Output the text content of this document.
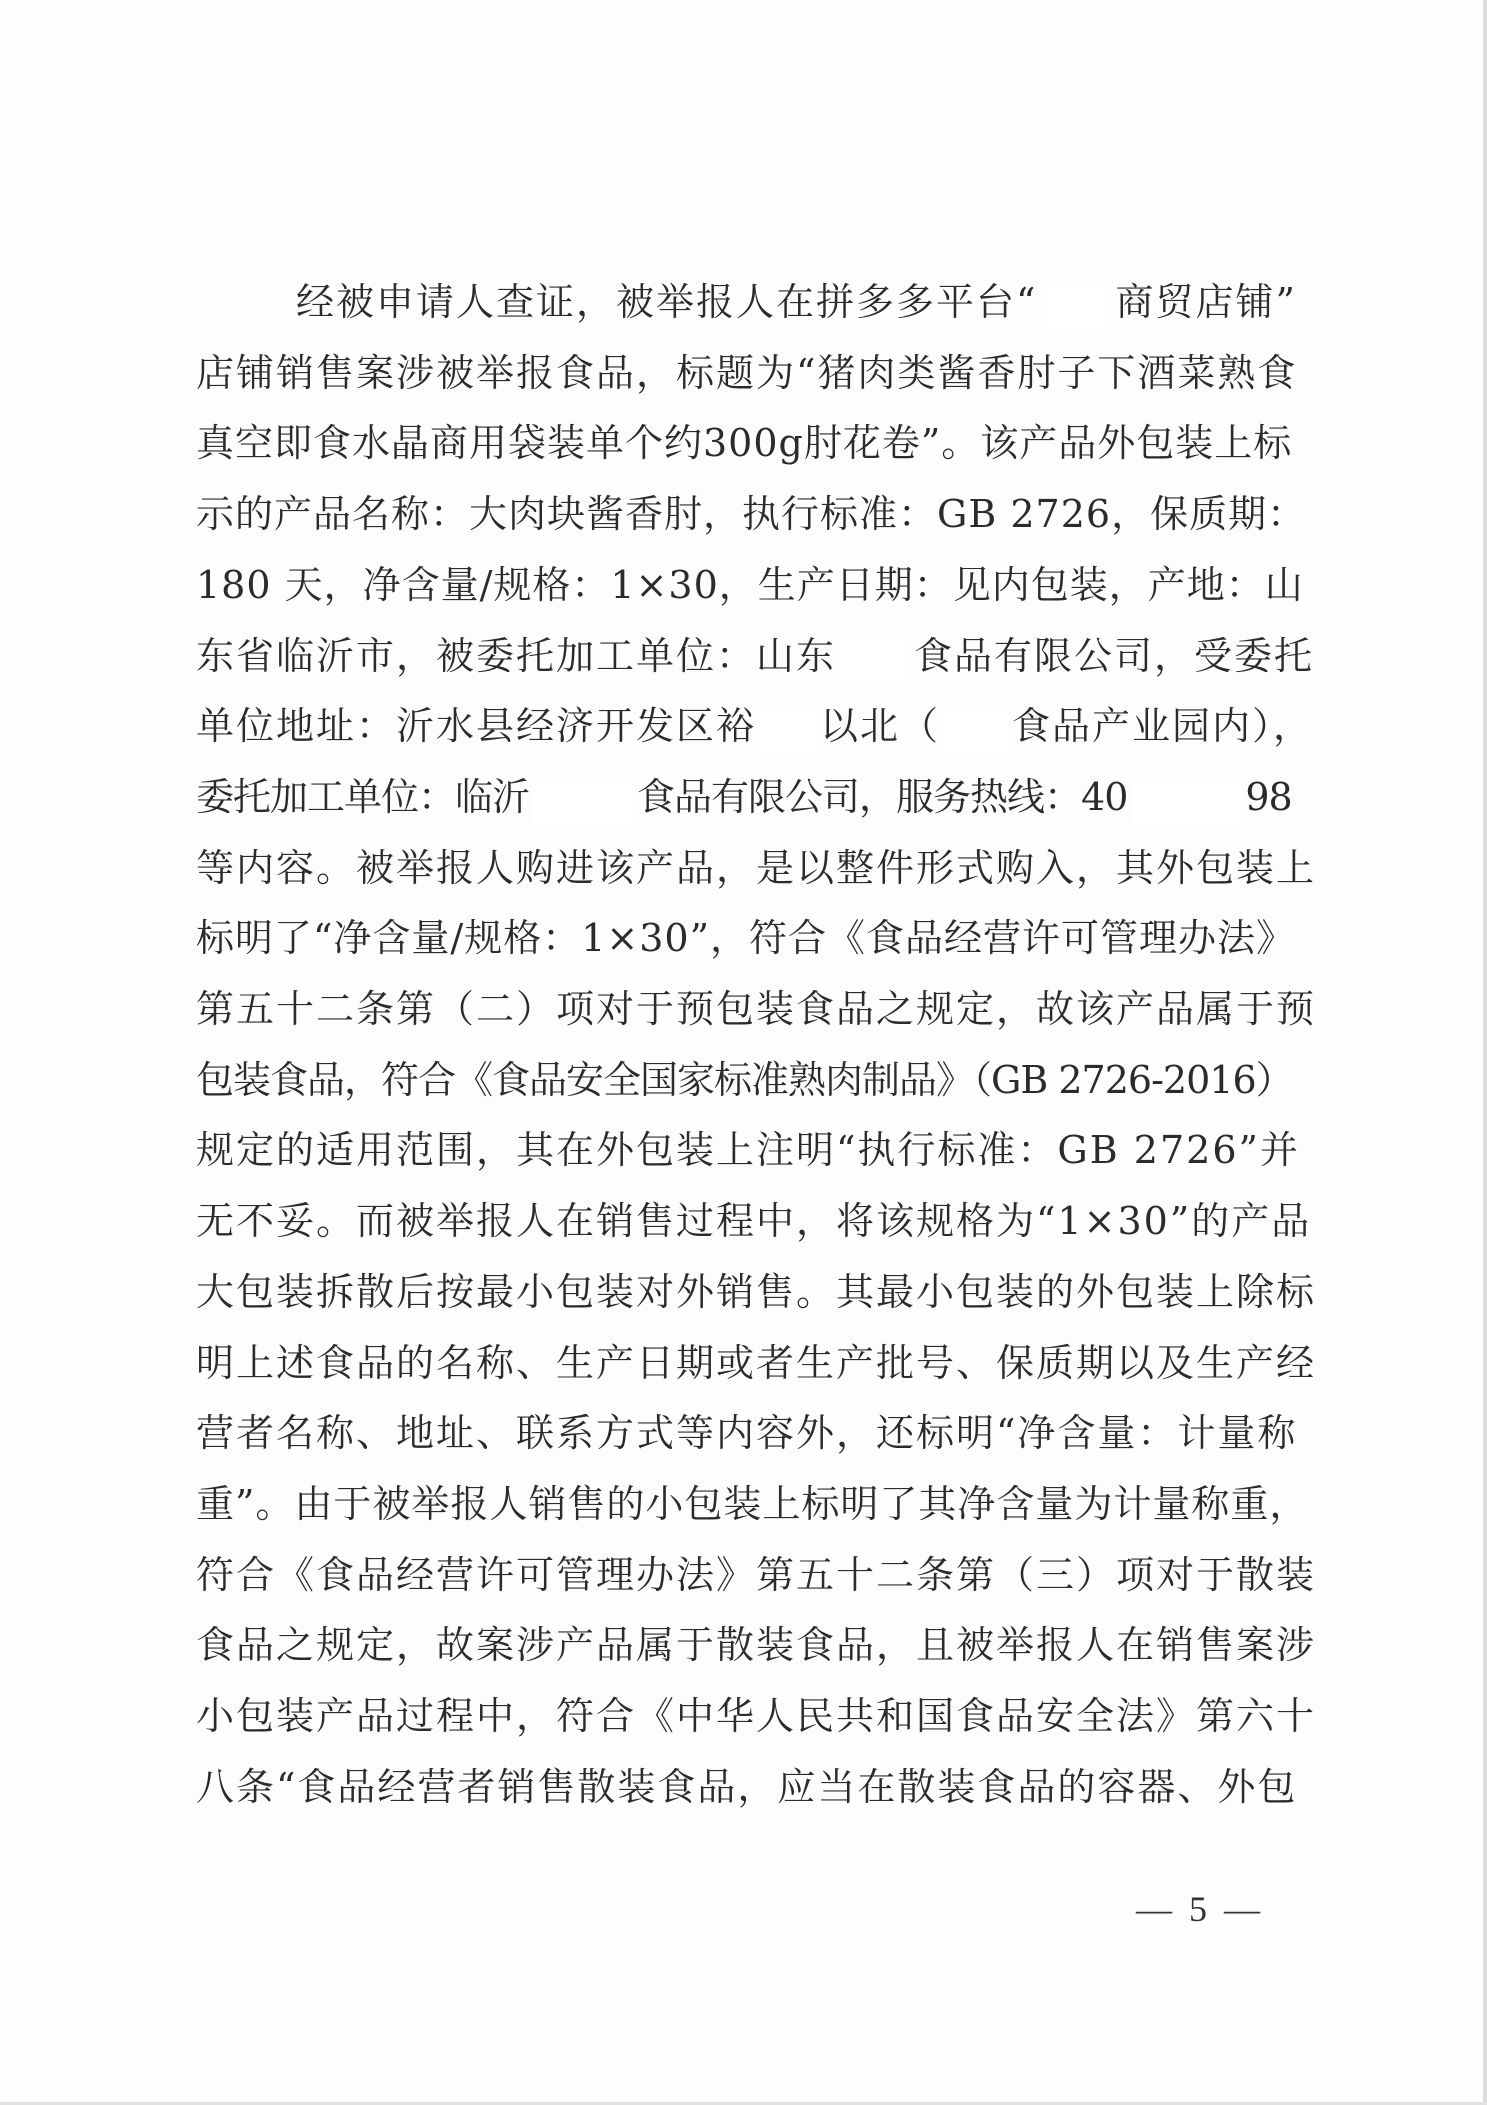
经被申请人查证，被举报人在拼多多平台“ 商贸店铺”
店铺销售案涉被举报食品，标题为“猪肉类酱香肘子下酒菜熟食
真空即食水晶商用袋装单个约300g肘花卷”。该产品外包装上标
示的产品名称：大肉块酱香肘，执行标准：GB 2726，保质期：
180 天，净含量/规格：1×30，生产日期：见内包装，产地：山
东省临沂市，被委托加工单位：山东 食品有限公司，受委托
单位地址：沂水县经济开发区裕 以北（ 食品产业园内），
委托加工单位：临沂	食品有限公司，服务热线：40	98
等内容。被举报人购进该产品，是以整件形式购入，其外包装上
标明了“净含量/规格：1×30”，符合《食品经营许可管理办法》
第五十二条第（二）项对于预包装食品之规定，故该产品属于预
包装食品，符合《食品安全国家标准熟肉制品》（GB 2726-2016）
规定的适用范围，其在外包装上注明“执行标准：GB 2726”并
无不妥。而被举报人在销售过程中，将该规格为“1×30”的产品
大包装拆散后按最小包装对外销售。其最小包装的外包装上除标
明上述食品的名称、生产日期或者生产批号、保质期以及生产经
营者名称、地址、联系方式等内容外，还标明“净含量：计量称
重”。由于被举报人销售的小包装上标明了其净含量为计量称重，
符合《食品经营许可管理办法》第五十二条第（三）项对于散装
食品之规定，故案涉产品属于散装食品，且被举报人在销售案涉
小包装产品过程中，符合《中华人民共和国食品安全法》第六十
八条“食品经营者销售散装食品，应当在散装食品的容器、外包
— 5 —
